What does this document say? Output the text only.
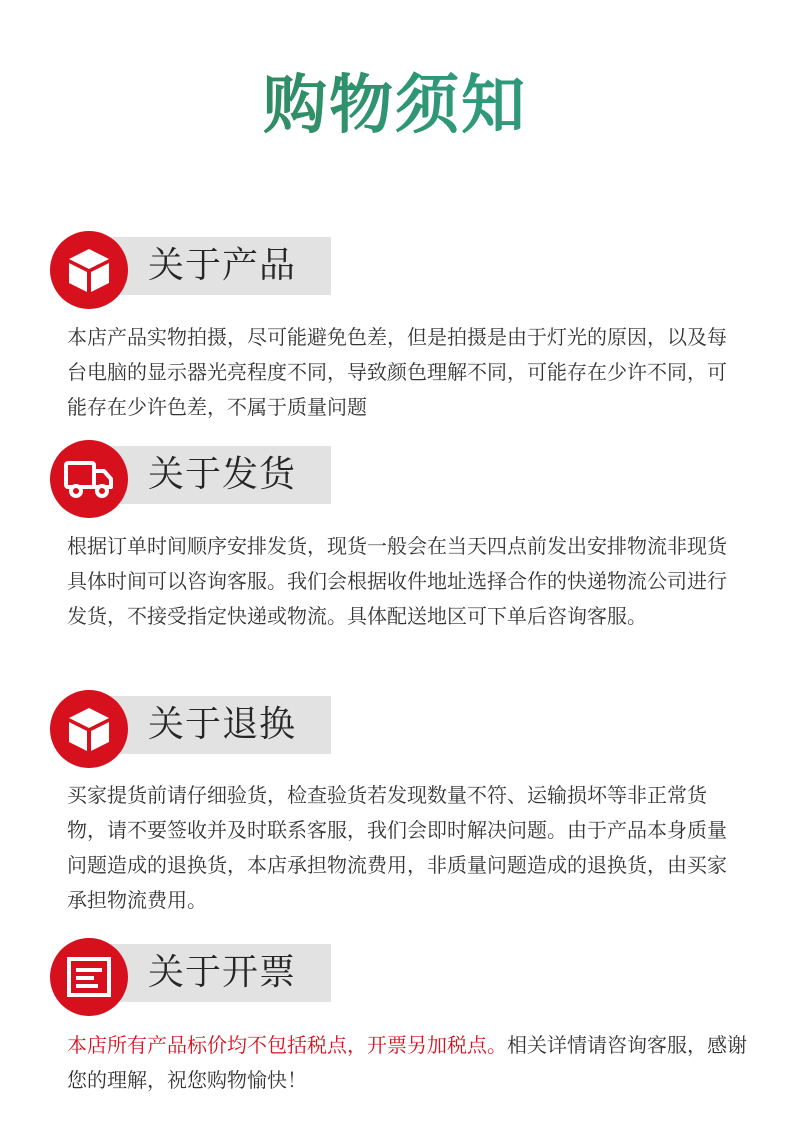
购物须知
关于产品

本店产品实物拍摄，尽可能避免色差，但是拍摄是由于灯光的原因，以及每台电脑的显示器光亮程度不同，导致颜色理解不同，可能存在少许不同，可能存在少许色差，不属于质量问题

关于发货

根据订单时间顺序安排发货，现货一般会在当天四点前发出安排物流非现货具体时间可以咨询客服。我们会根据收件地址选择合作的快递物流公司进行发货，不接受指定快递或物流。具体配送地区可下单后咨询客服。

关于退换

买家提货前请仔细验货，检查验货若发现数量不符、运输损坏等非正常货物，请不要签收并及时联系客服，我们会即时解决问题。由于产品本身质量问题造成的退换货，本店承担物流费用，非质量问题造成的退换货，由买家承担物流费用。

关于开票

本店所有产品标价均不包括税点，开票另加税点。相关详情请咨询客服，感谢您的理解，祝您购物愉快！
